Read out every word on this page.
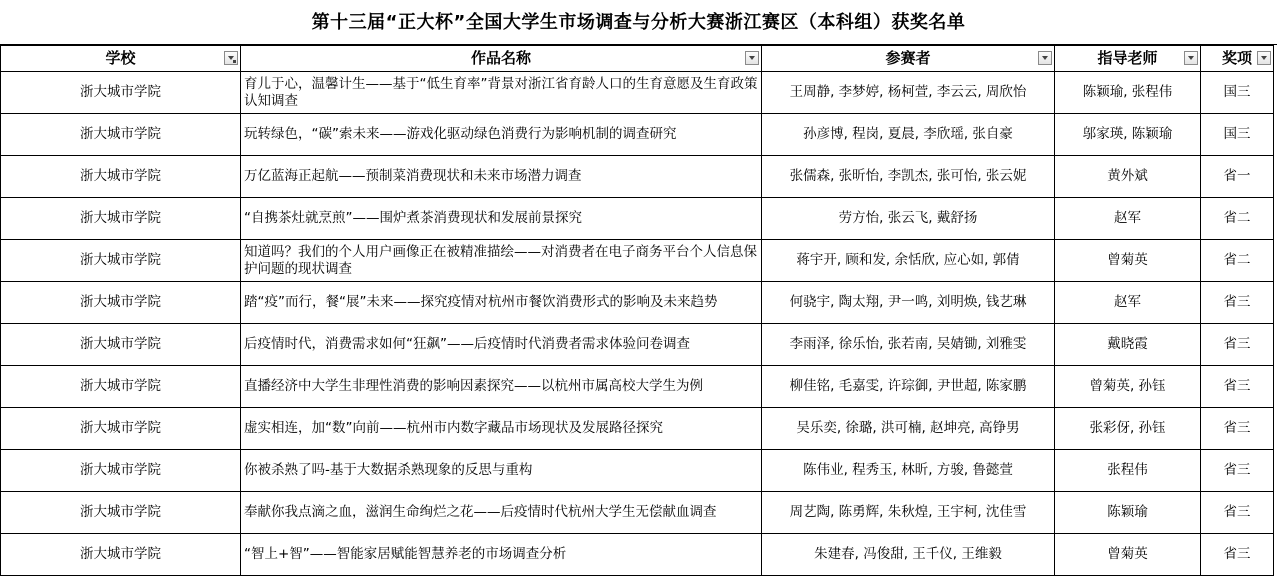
第十三届“正大杯”全国大学生市场调查与分析大赛浙江赛区（本科组）获奖名单
学校	作品名称	参赛者	指导老师	奖项

浙大城市学院	育儿于心，温馨计生——基于“低生育率”背景对浙江省育龄人口的生育意愿及生育政策认知调查	王周静, 李梦婷, 杨柯萱, 李云云, 周欣怡	陈颖瑜, 张程伟	国三
浙大城市学院	玩转绿色，“碳”索未来——游戏化驱动绿色消费行为影响机制的调查研究	孙彦博, 程岗, 夏晨, 李欣瑶, 张自豪	邬家瑛, 陈颖瑜	国三
浙大城市学院	万亿蓝海正起航——预制菜消费现状和未来市场潜力调查	张儒森, 张昕怡, 李凯杰, 张可怡, 张云妮	黄外斌	省一
浙大城市学院	“自携茶灶就烹煎”——围炉煮茶消费现状和发展前景探究	劳方怡, 张云飞, 戴舒扬	赵军	省二
浙大城市学院	知道吗？我们的个人用户画像正在被精准描绘——对消费者在电子商务平台个人信息保护问题的现状调查	蒋宇开, 顾和发, 余恬欣, 应心如, 郭倩	曾菊英	省二
浙大城市学院	踏“疫”而行，餐“展”未来——探究疫情对杭州市餐饮消费形式的影响及未来趋势	何骁宇, 陶太翔, 尹一鸣, 刘明焕, 钱艺琳	赵军	省三
浙大城市学院	后疫情时代，消费需求如何“狂飙”——后疫情时代消费者需求体验问卷调查	李雨泽, 徐乐怡, 张若南, 吴婧锄, 刘雅雯	戴晓霞	省三
浙大城市学院	直播经济中大学生非理性消费的影响因素探究——以杭州市属高校大学生为例	柳佳铭, 毛嘉雯, 许琮御, 尹世超, 陈家鹏	曾菊英, 孙钰	省三
浙大城市学院	虚实相连，加“数”向前——杭州市内数字藏品市场现状及发展路径探究	吴乐奕, 徐璐, 洪可楠, 赵坤亮, 高铮男	张彩伢, 孙钰	省三
浙大城市学院	你被杀熟了吗-基于大数据杀熟现象的反思与重构	陈伟业, 程秀玉, 林昕, 方骏, 鲁懿萱	张程伟	省三
浙大城市学院	奉献你我点滴之血，滋润生命绚烂之花——后疫情时代杭州大学生无偿献血调查	周艺陶, 陈勇辉, 朱秋煌, 王宇柯, 沈佳雪	陈颖瑜	省三
浙大城市学院	“智上+智”——智能家居赋能智慧养老的市场调查分析	朱建春, 冯俊甜, 王千仪, 王维毅	曾菊英	省三
